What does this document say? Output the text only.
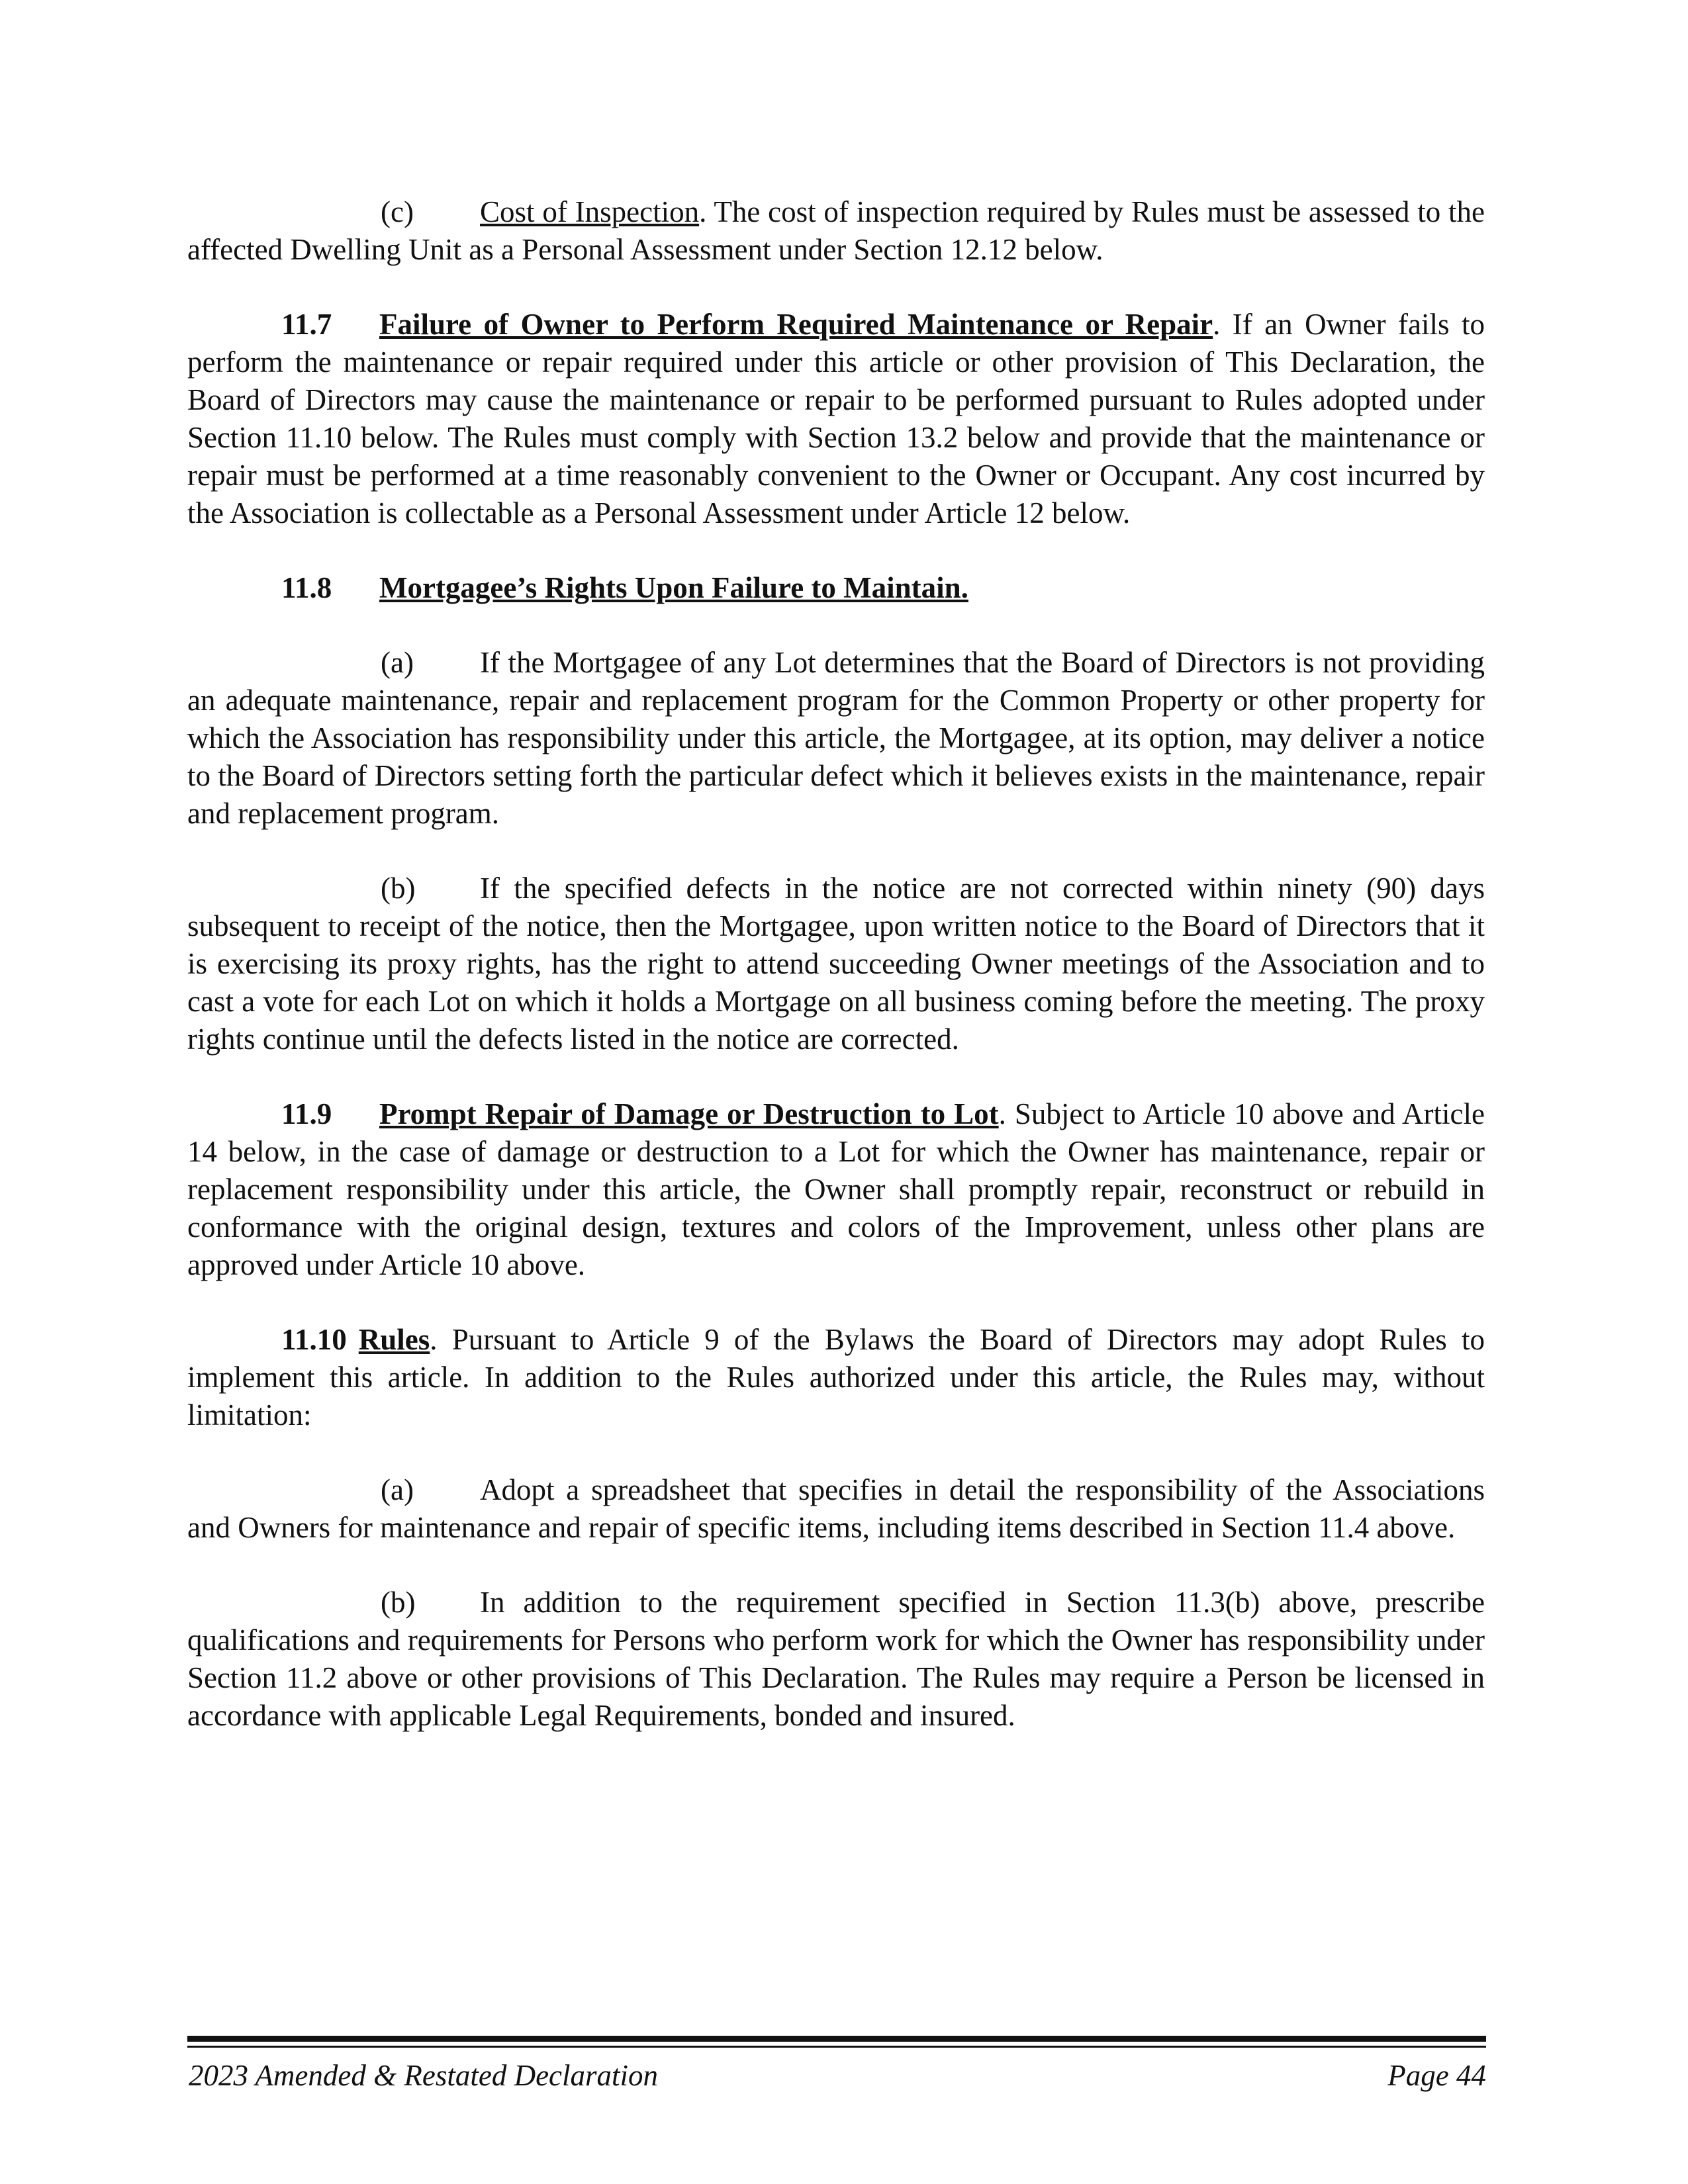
(c) Cost of Inspection. The cost of inspection required by Rules must be assessed to the affected Dwelling Unit as a Personal Assessment under Section 12.12 below.

11.7 Failure of Owner to Perform Required Maintenance or Repair. If an Owner fails to perform the maintenance or repair required under this article or other provision of This Declaration, the Board of Directors may cause the maintenance or repair to be performed pursuant to Rules adopted under Section 11.10 below. The Rules must comply with Section 13.2 below and provide that the maintenance or repair must be performed at a time reasonably convenient to the Owner or Occupant. Any cost incurred by the Association is collectable as a Personal Assessment under Article 12 below.

11.8 Mortgagee’s Rights Upon Failure to Maintain.

(a) If the Mortgagee of any Lot determines that the Board of Directors is not providing an adequate maintenance, repair and replacement program for the Common Property or other property for which the Association has responsibility under this article, the Mortgagee, at its option, may deliver a notice to the Board of Directors setting forth the particular defect which it believes exists in the maintenance, repair and replacement program.

(b) If the specified defects in the notice are not corrected within ninety (90) days subsequent to receipt of the notice, then the Mortgagee, upon written notice to the Board of Directors that it is exercising its proxy rights, has the right to attend succeeding Owner meetings of the Association and to cast a vote for each Lot on which it holds a Mortgage on all business coming before the meeting. The proxy rights continue until the defects listed in the notice are corrected.

11.9 Prompt Repair of Damage or Destruction to Lot. Subject to Article 10 above and Article 14 below, in the case of damage or destruction to a Lot for which the Owner has maintenance, repair or replacement responsibility under this article, the Owner shall promptly repair, reconstruct or rebuild in conformance with the original design, textures and colors of the Improvement, unless other plans are approved under Article 10 above.

11.10 Rules. Pursuant to Article 9 of the Bylaws the Board of Directors may adopt Rules to implement this article. In addition to the Rules authorized under this article, the Rules may, without limitation:

(a) Adopt a spreadsheet that specifies in detail the responsibility of the Associations and Owners for maintenance and repair of specific items, including items described in Section 11.4 above.

(b) In addition to the requirement specified in Section 11.3(b) above, prescribe qualifications and requirements for Persons who perform work for which the Owner has responsibility under Section 11.2 above or other provisions of This Declaration. The Rules may require a Person be licensed in accordance with applicable Legal Requirements, bonded and insured.

2023 Amended & Restated Declaration	Page 44
